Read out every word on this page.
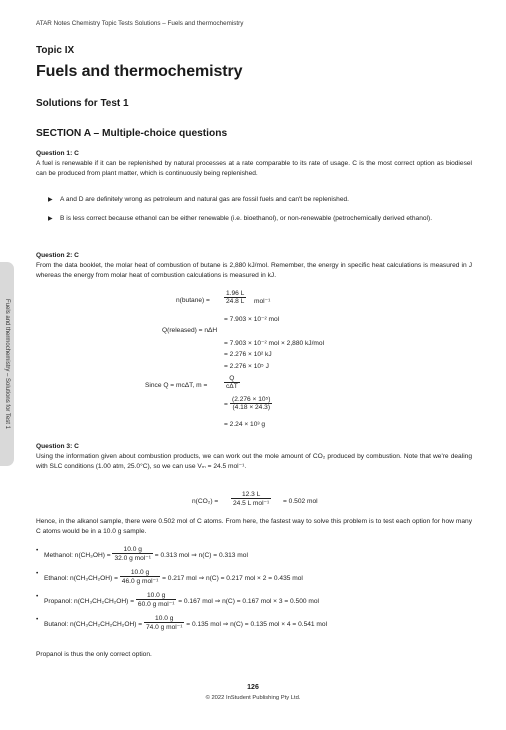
ATAR Notes Chemistry Topic Tests Solutions – Fuels and thermochemistry
Topic IX
Fuels and thermochemistry
Solutions for Test 1
SECTION A – Multiple-choice questions
Fuels and thermochemistry – Solutions for Test 1
Question 1: C
A fuel is renewable if it can be replenished by natural processes at a rate comparable to its rate of usage. C is the most correct option as biodiesel can be produced from plant matter, which is continuously being replenished.
▶ A and D are definitely wrong as petroleum and natural gas are fossil fuels and can't be replenished.
▶ B is less correct because ethanol can be either renewable (i.e. bioethanol), or non-renewable (petrochemically derived ethanol).
Question 2: C
From the data booklet, the molar heat of combustion of butane is 2,880 kJ/mol. Remember, the energy in specific heat calculations is measured in J whereas the energy from molar heat of combustion calculations is measured in kJ.
$n(butane) = \frac{1.96 L}{24.8 L} mol^{-1}$
= 7.903 × 10⁻² mol
Q(released) = nΔH
= 7.903 × 10⁻² mol × 2,880 kJ/mol
= 2.276 × 10² kJ
= 2.276 × 10⁵ J
Since Q = mcΔT, m =
Q
cΔT
= $\frac{\text{(2.276 × 10⁵)}}{(4.18 \times 24.3)}$
= 2.24 × 10³ g
Question 3: C
Using the information given about combustion products, we can work out the mole amount of CO₂ produced by combustion. Note that we're dealing with SLC conditions (1.00 atm, 25.0°C), so we can use Vₘ = 24.5 mol⁻¹.
n(CO₂) =
12.3 L
24.5 L mol⁻¹	= 0.502 mol
Hence, in the alkanol sample, there were 0.502 mol of C atoms. From here, the fastest way to solve this problem is to test each option for how many C atoms would be in a 10.0 g sample.
•
Methanol: $n(CH_3OH) = \frac{10.0 g}{\text{32.0 g mol⁻¹}} = 0.313$ mol ⇒ n(C) = 0.313 mol
•
Ethanol: $n(CH_3CH_2OH) = \frac{10.0 g}{\text{46.0 g mol⁻¹}} = 0.217$ mol ⇒ n(C) = 0.217 mol × 2 = 0.435 mol
•
Propanol: $n(CH_3CH_2CH_2OH) = \frac{10.0 g}{\text{60.0 g mol⁻¹}} = 0.167$ mol ⇒ n(C) = 0.167 mol × 3 = 0.500 mol
•
Butanol: $n(CH_3CH_2CH_2CH_2OH) = \frac{10.0 g}{\text{74.0 g mol⁻¹}} = 0.135$ mol ⇒ n(C) = 0.135 mol × 4 = 0.541 mol
Propanol is thus the only correct option.
126
© 2022 InStudent Publishing Pty Ltd.
